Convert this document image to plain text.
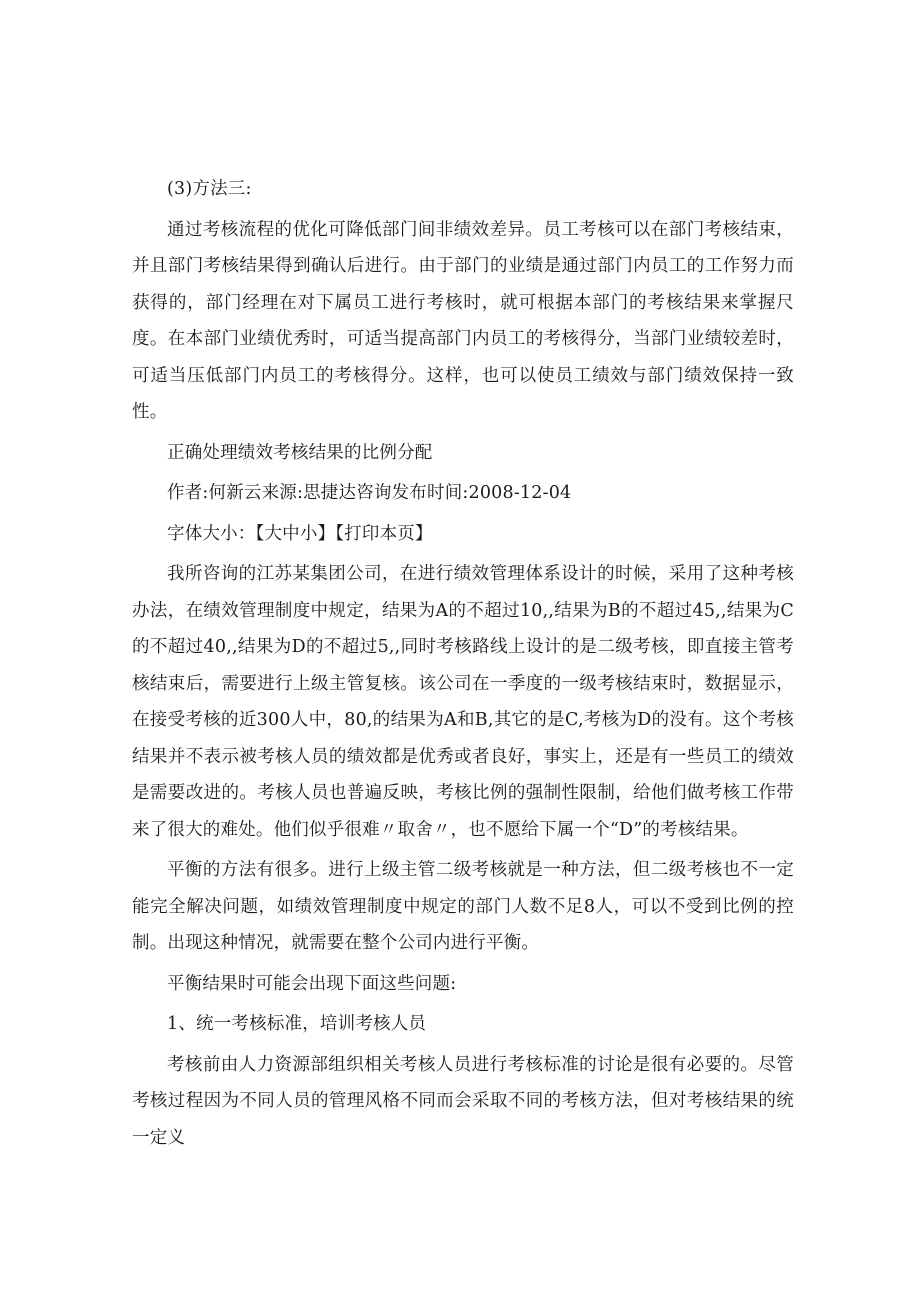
(3)方法三:

通过考核流程的优化可降低部门间非绩效差异。员工考核可以在部门考核结束，并且部门考核结果得到确认后进行。由于部门的业绩是通过部门内员工的工作努力而获得的，部门经理在对下属员工进行考核时，就可根据本部门的考核结果来掌握尺度。在本部门业绩优秀时，可适当提高部门内员工的考核得分，当部门业绩较差时，可适当压低部门内员工的考核得分。这样，也可以使员工绩效与部门绩效保持一致性。

正确处理绩效考核结果的比例分配

作者:何新云来源:思捷达咨询发布时间:2008-12-04

字体大小：【大中小】【打印本页】

我所咨询的江苏某集团公司，在进行绩效管理体系设计的时候，采用了这种考核办法，在绩效管理制度中规定，结果为A的不超过10,,结果为B的不超过45,,结果为C的不超过40,,结果为D的不超过5,,同时考核路线上设计的是二级考核，即直接主管考核结束后，需要进行上级主管复核。该公司在一季度的一级考核结束时，数据显示，在接受考核的近300人中，80,的结果为A和B,其它的是C,考核为D的没有。这个考核结果并不表示被考核人员的绩效都是优秀或者良好，事实上，还是有一些员工的绩效是需要改进的。考核人员也普遍反映，考核比例的强制性限制，给他们做考核工作带来了很大的难处。他们似乎很难〃取舍〃，也不愿给下属一个“D”的考核结果。

平衡的方法有很多。进行上级主管二级考核就是一种方法，但二级考核也不一定能完全解决问题，如绩效管理制度中规定的部门人数不足8人，可以不受到比例的控制。出现这种情况，就需要在整个公司内进行平衡。

平衡结果时可能会出现下面这些问题:

1、统一考核标准，培训考核人员

考核前由人力资源部组织相关考核人员进行考核标准的讨论是很有必要的。尽管考核过程因为不同人员的管理风格不同而会采取不同的考核方法，但对考核结果的统一定义
